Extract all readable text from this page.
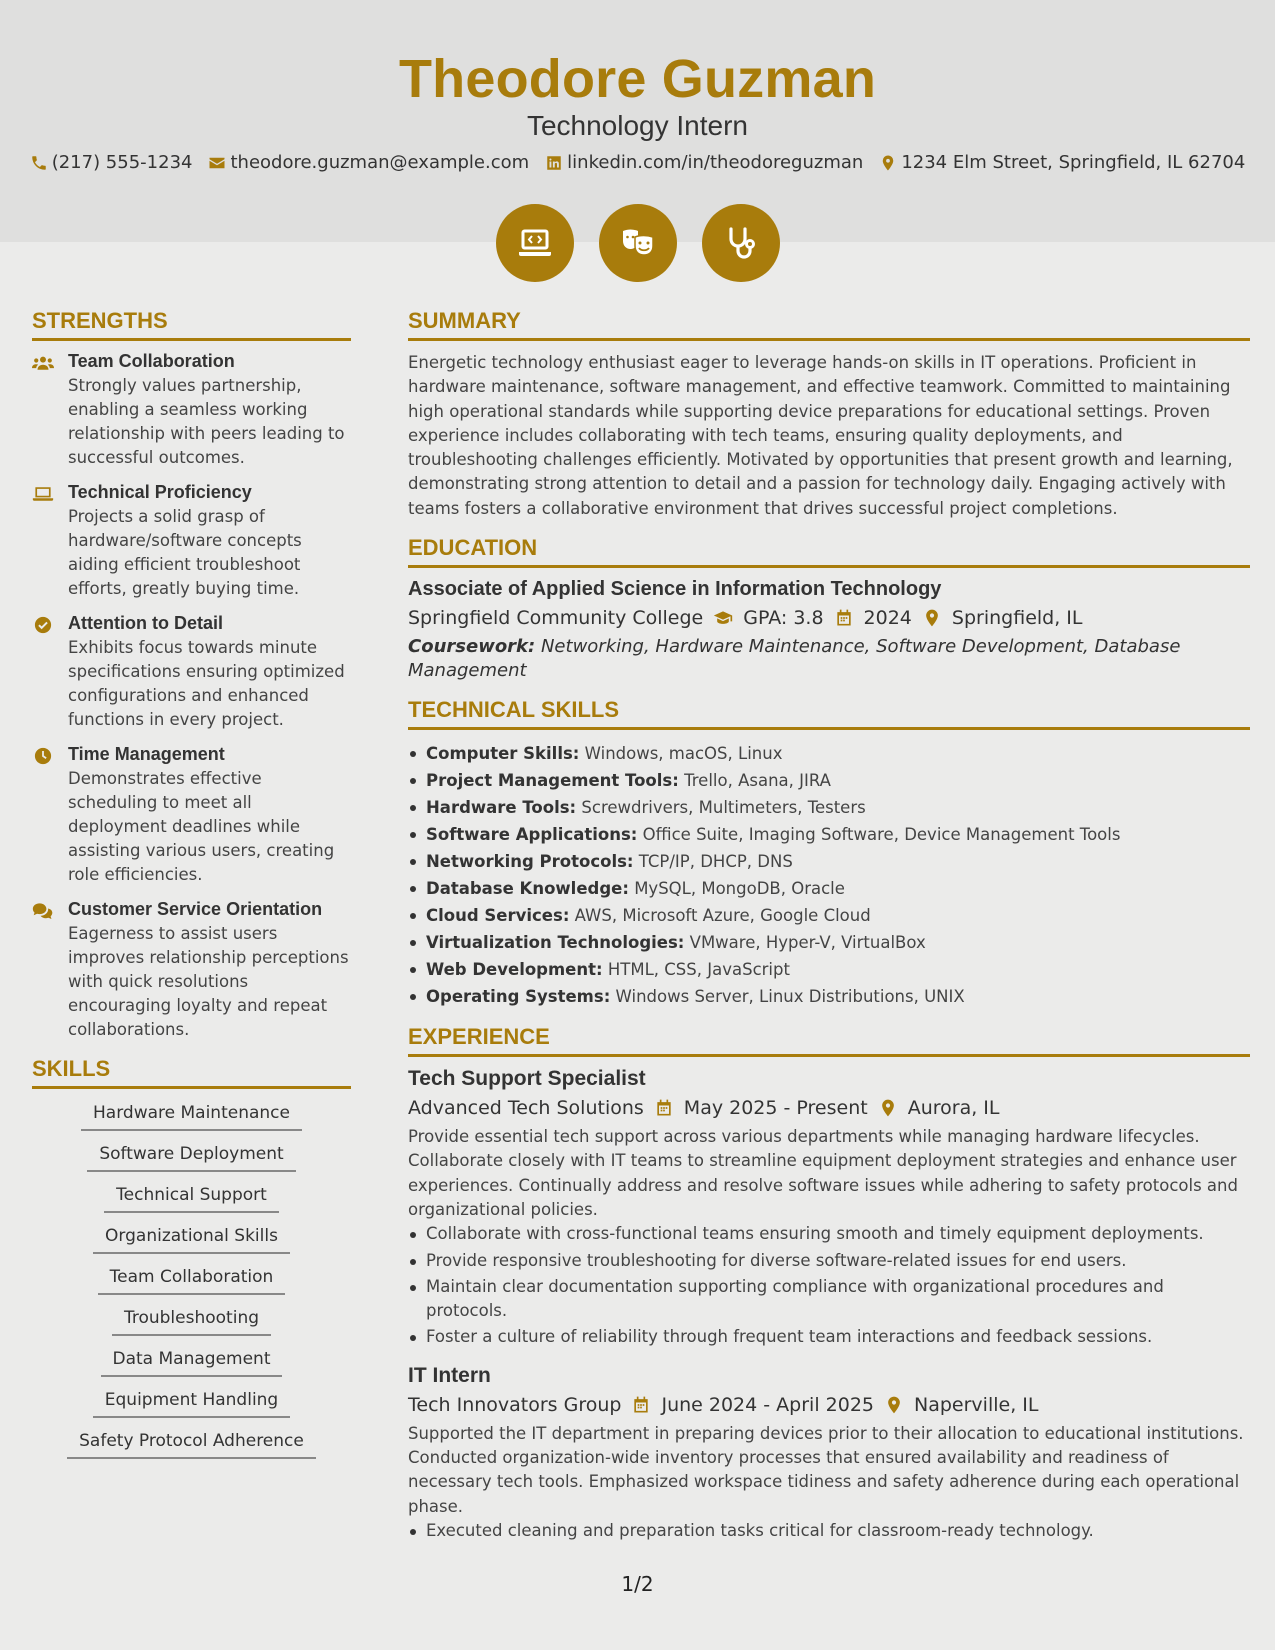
Theodore Guzman
Technology Intern
(217) 555-1234 theodore.guzman@example.com linkedin.com/in/theodoreguzman 1234 Elm Street, Springfield, IL 62704
STRENGTHS
Team Collaboration
Strongly values partnership, enabling a seamless working relationship with peers leading to successful outcomes.
Technical Proficiency
Projects a solid grasp of hardware/software concepts aiding efficient troubleshoot efforts, greatly buying time.
Attention to Detail
Exhibits focus towards minute specifications ensuring optimized configurations and enhanced functions in every project.
Time Management
Demonstrates effective scheduling to meet all deployment deadlines while assisting various users, creating role efficiencies.
Customer Service Orientation
Eagerness to assist users improves relationship perceptions with quick resolutions encouraging loyalty and repeat collaborations.
SKILLS
Hardware Maintenance
Software Deployment
Technical Support
Organizational Skills
Team Collaboration
Troubleshooting
Data Management
Equipment Handling
Safety Protocol Adherence
SUMMARY
Energetic technology enthusiast eager to leverage hands-on skills in IT operations. Proficient in hardware maintenance, software management, and effective teamwork. Committed to maintaining high operational standards while supporting device preparations for educational settings. Proven experience includes collaborating with tech teams, ensuring quality deployments, and troubleshooting challenges efficiently. Motivated by opportunities that present growth and learning, demonstrating strong attention to detail and a passion for technology daily. Engaging actively with teams fosters a collaborative environment that drives successful project completions.
EDUCATION
Associate of Applied Science in Information Technology
Springfield Community College GPA: 3.8 2024 Springfield, IL
Coursework: Networking, Hardware Maintenance, Software Development, Database Management
TECHNICAL SKILLS
Computer Skills: Windows, macOS, Linux
Project Management Tools: Trello, Asana, JIRA
Hardware Tools: Screwdrivers, Multimeters, Testers
Software Applications: Office Suite, Imaging Software, Device Management Tools
Networking Protocols: TCP/IP, DHCP, DNS
Database Knowledge: MySQL, MongoDB, Oracle
Cloud Services: AWS, Microsoft Azure, Google Cloud
Virtualization Technologies: VMware, Hyper-V, VirtualBox
Web Development: HTML, CSS, JavaScript
Operating Systems: Windows Server, Linux Distributions, UNIX
EXPERIENCE
Tech Support Specialist
Advanced Tech Solutions May 2025 - Present Aurora, IL
Provide essential tech support across various departments while managing hardware lifecycles. Collaborate closely with IT teams to streamline equipment deployment strategies and enhance user experiences. Continually address and resolve software issues while adhering to safety protocols and organizational policies.
Collaborate with cross-functional teams ensuring smooth and timely equipment deployments.
Provide responsive troubleshooting for diverse software-related issues for end users.
Maintain clear documentation supporting compliance with organizational procedures and protocols.
Foster a culture of reliability through frequent team interactions and feedback sessions.
IT Intern
Tech Innovators Group June 2024 - April 2025 Naperville, IL
Supported the IT department in preparing devices prior to their allocation to educational institutions. Conducted organization-wide inventory processes that ensured availability and readiness of necessary tech tools. Emphasized workspace tidiness and safety adherence during each operational phase.
Executed cleaning and preparation tasks critical for classroom-ready technology.
1/2
